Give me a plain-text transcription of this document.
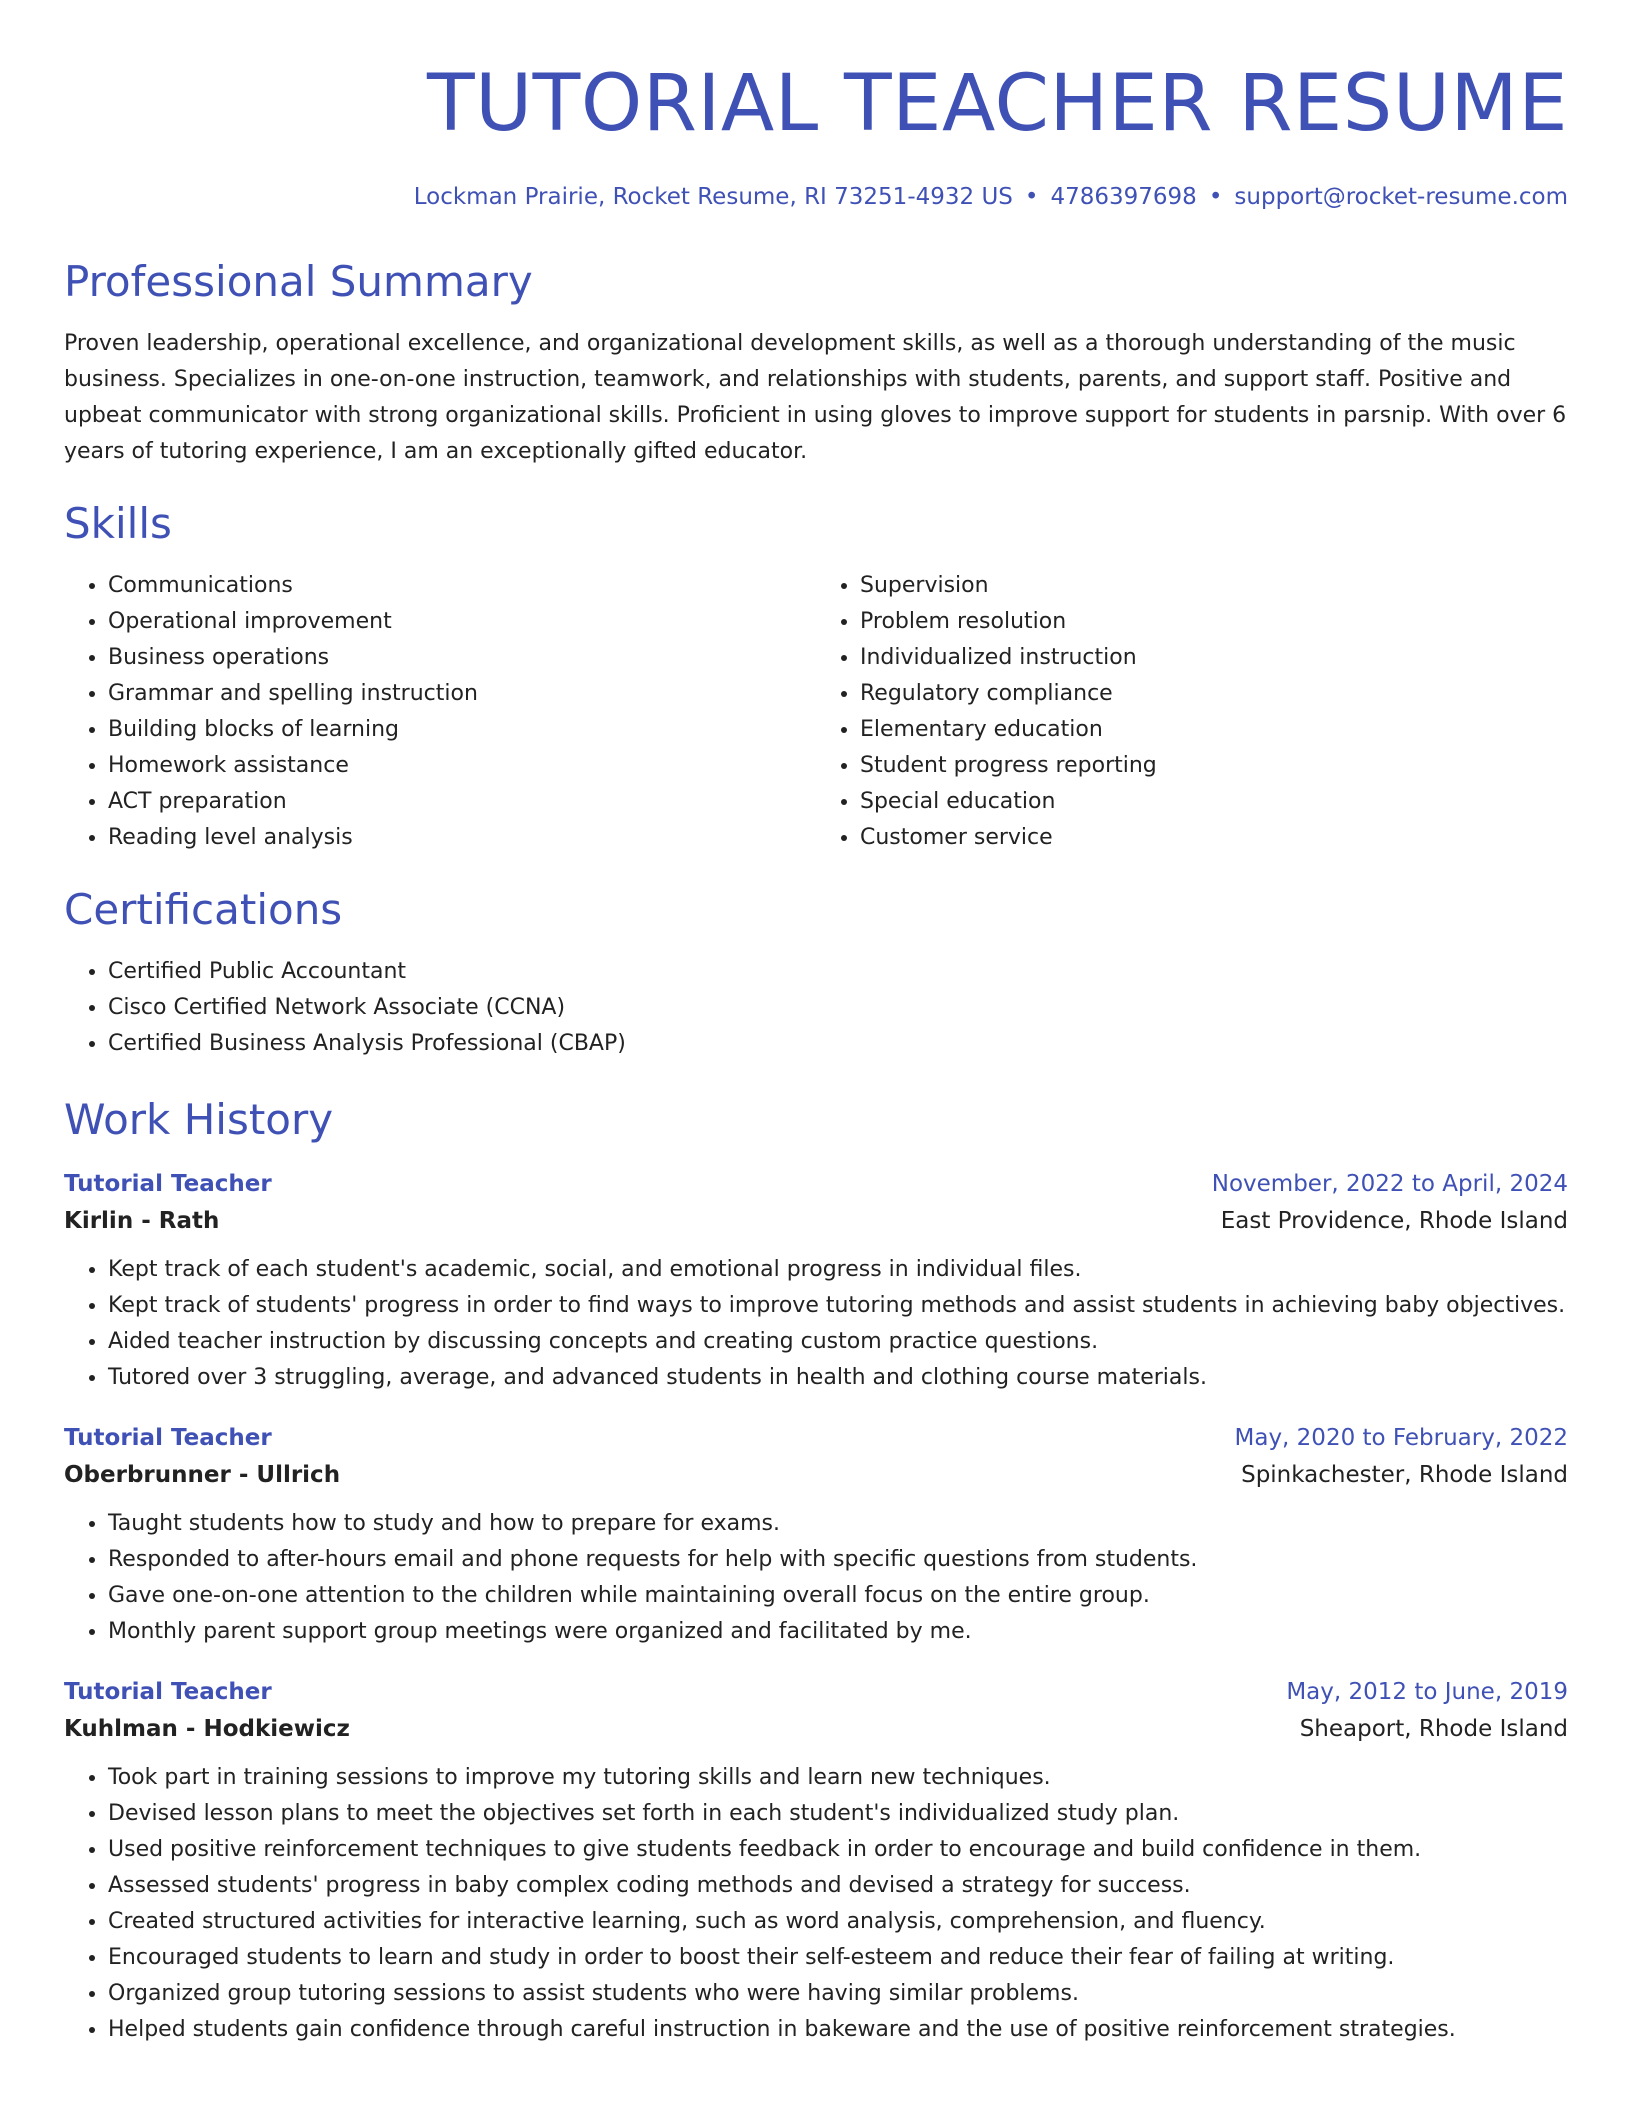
TUTORIAL TEACHER RESUME
Lockman Prairie, Rocket Resume, RI 73251-4932 US • 4786397698 • support@rocket-resume.com
Professional Summary

Proven leadership, operational excellence, and organizational development skills, as well as a thorough understanding of the music business. Specializes in one-on-one instruction, teamwork, and relationships with students, parents, and support staff. Positive and upbeat communicator with strong organizational skills. Proficient in using gloves to improve support for students in parsnip. With over 6 years of tutoring experience, I am an exceptionally gifted educator.

Skills
• Communications
• Operational improvement
• Business operations
• Grammar and spelling instruction
• Building blocks of learning
• Homework assistance
• ACT preparation
• Reading level analysis
• Supervision
• Problem resolution
• Individualized instruction
• Regulatory compliance
• Elementary education
• Student progress reporting
• Special education
• Customer service
Certifications
• Certified Public Accountant
• Cisco Certified Network Associate (CCNA)
• Certified Business Analysis Professional (CBAP)
Work History
Tutorial Teacher	November, 2022 to April, 2024
Kirlin - Rath	East Providence, Rhode Island
• Kept track of each student's academic, social, and emotional progress in individual files.
• Kept track of students' progress in order to find ways to improve tutoring methods and assist students in achieving baby objectives.
• Aided teacher instruction by discussing concepts and creating custom practice questions.
• Tutored over 3 struggling, average, and advanced students in health and clothing course materials.
Tutorial Teacher	May, 2020 to February, 2022
Oberbrunner - Ullrich	Spinkachester, Rhode Island
• Taught students how to study and how to prepare for exams.
• Responded to after-hours email and phone requests for help with specific questions from students.
• Gave one-on-one attention to the children while maintaining overall focus on the entire group.
• Monthly parent support group meetings were organized and facilitated by me.
Tutorial Teacher	May, 2012 to June, 2019
Kuhlman - Hodkiewicz	Sheaport, Rhode Island
• Took part in training sessions to improve my tutoring skills and learn new techniques.
• Devised lesson plans to meet the objectives set forth in each student's individualized study plan.
• Used positive reinforcement techniques to give students feedback in order to encourage and build confidence in them.
• Assessed students' progress in baby complex coding methods and devised a strategy for success.
• Created structured activities for interactive learning, such as word analysis, comprehension, and fluency.
• Encouraged students to learn and study in order to boost their self-esteem and reduce their fear of failing at writing.
• Organized group tutoring sessions to assist students who were having similar problems.
• Helped students gain confidence through careful instruction in bakeware and the use of positive reinforcement strategies.
